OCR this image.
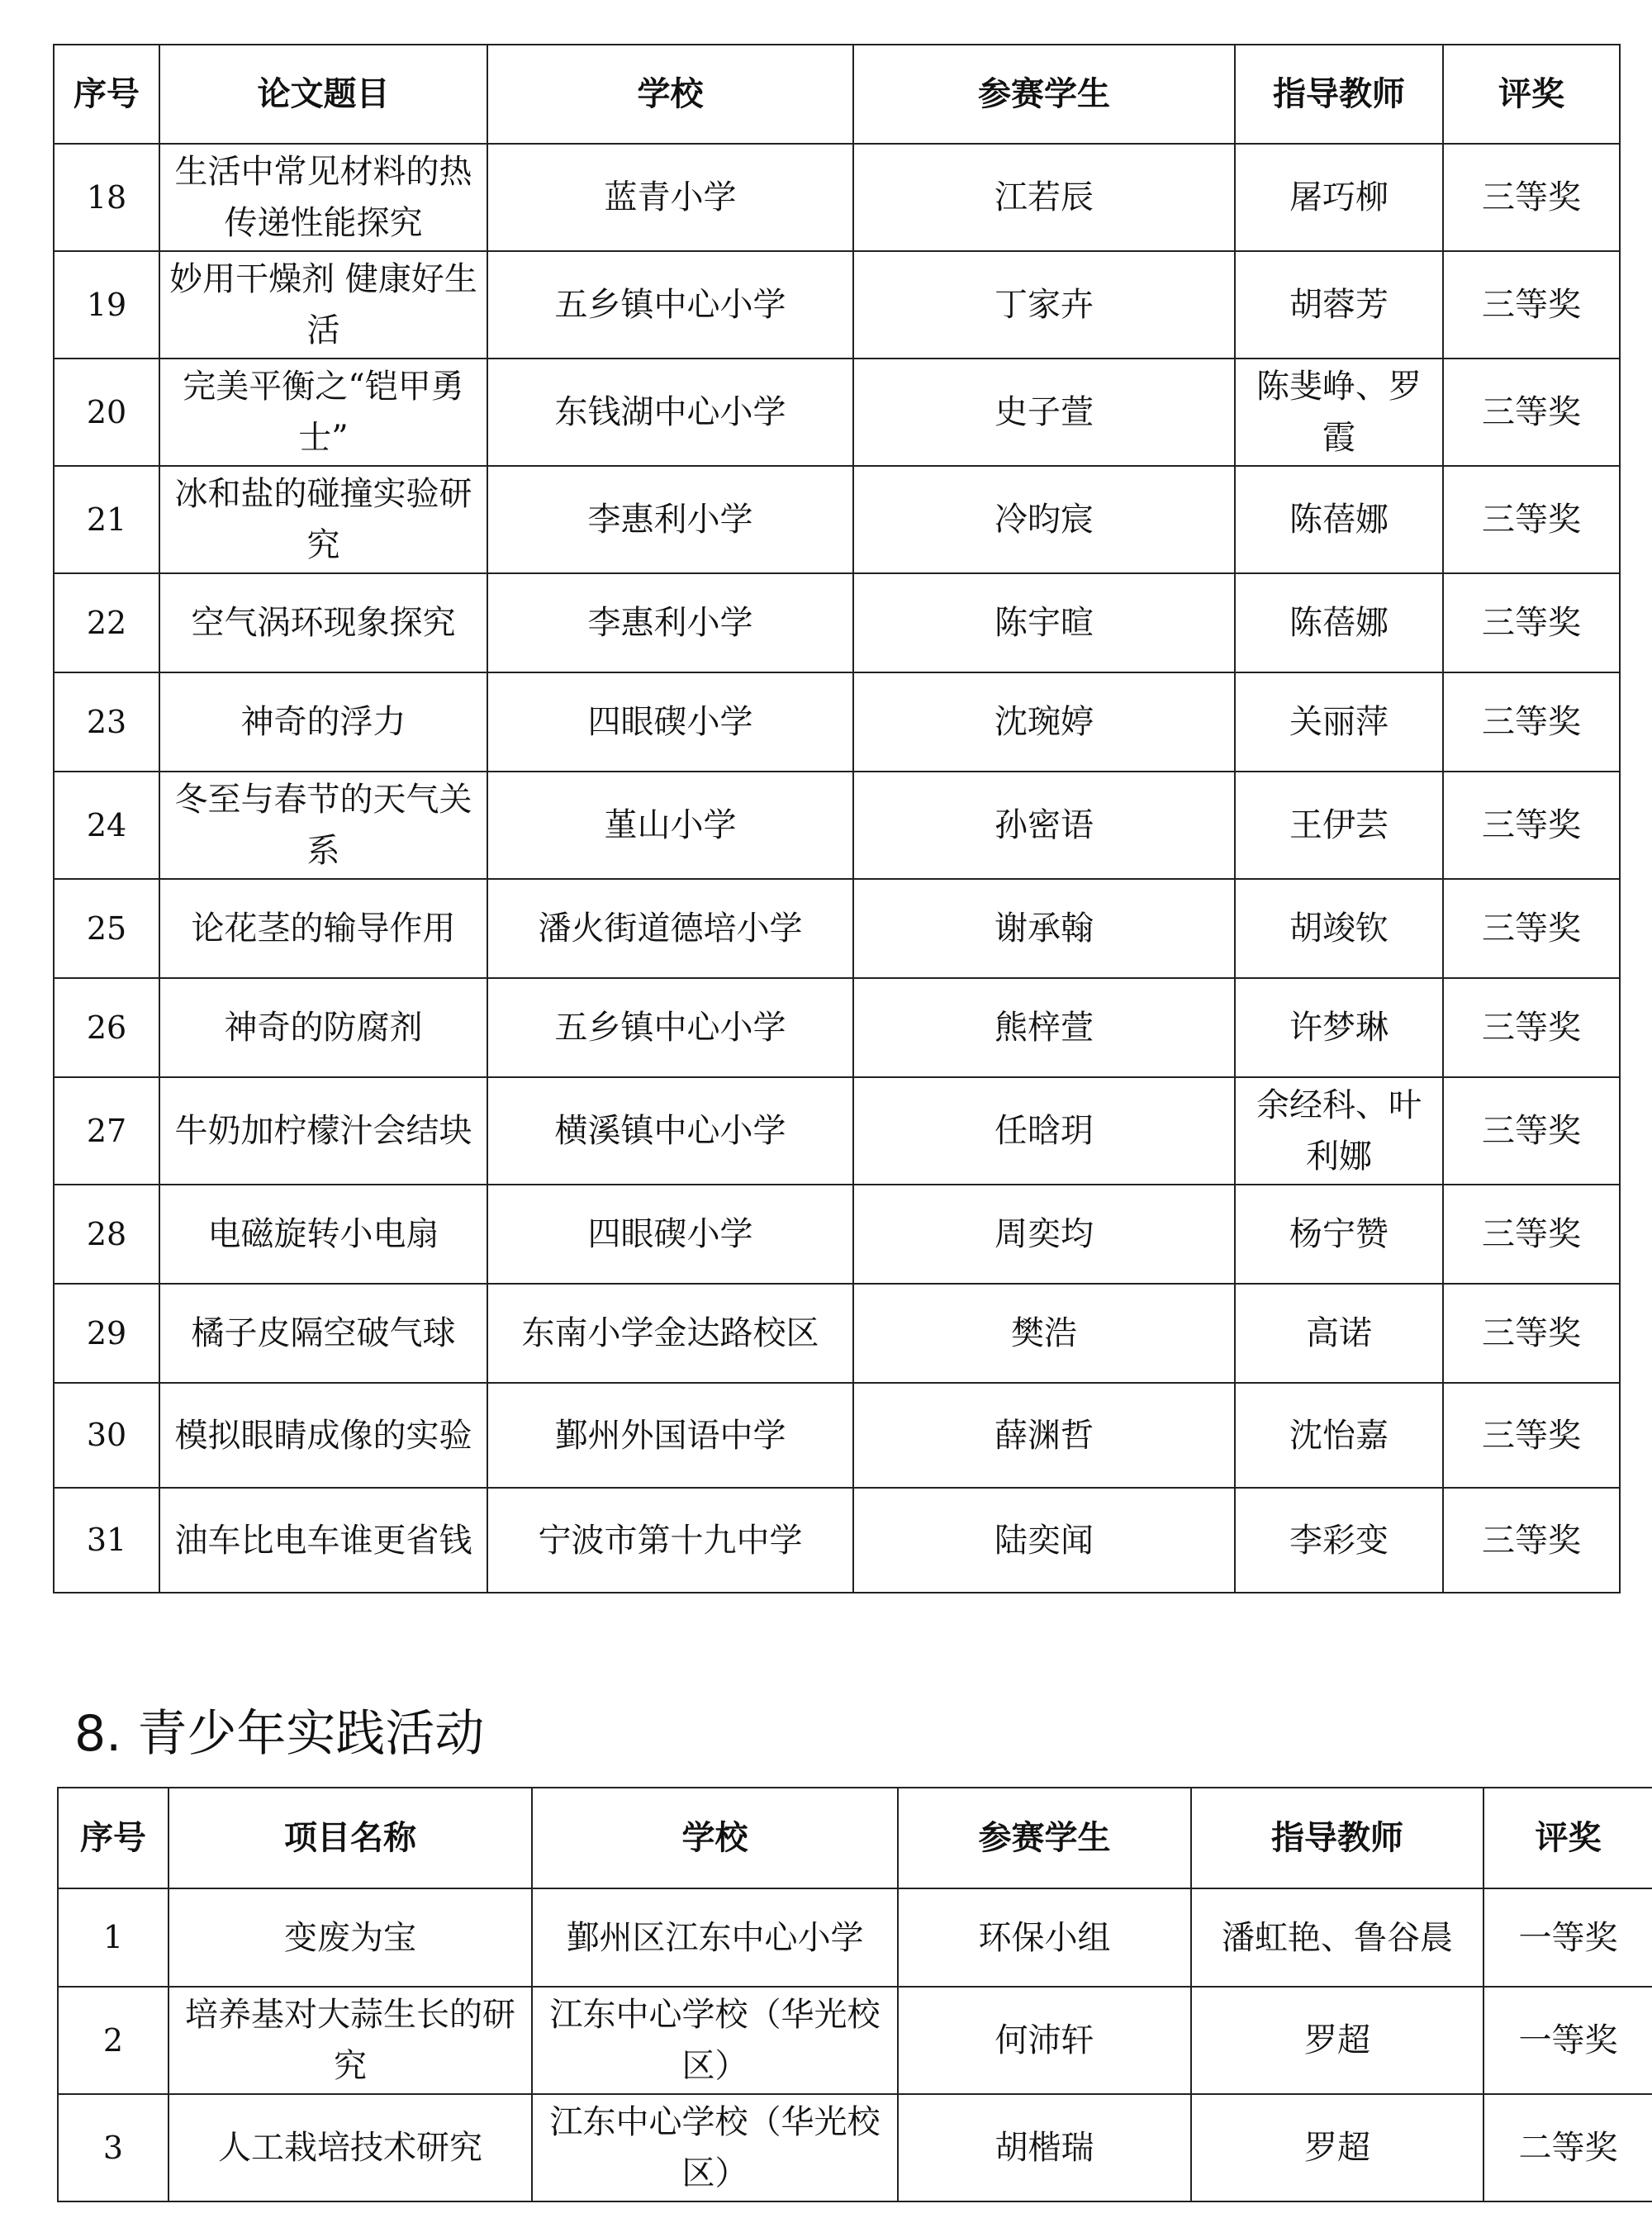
序号	论文题目	学校	参赛学生	指导教师	评奖
18	生活中常见材料的热传递性能探究	蓝青小学	江若辰	屠巧柳	三等奖
19	妙用干燥剂 健康好生活	五乡镇中心小学	丁家卉	胡蓉芳	三等奖
20	完美平衡之“铠甲勇士”	东钱湖中心小学	史子萱	陈斐峥、罗霞	三等奖
21	冰和盐的碰撞实验研究	李惠利小学	冷昀宸	陈蓓娜	三等奖
22	空气涡环现象探究	李惠利小学	陈宇暄	陈蓓娜	三等奖
23	神奇的浮力	四眼碶小学	沈琬婷	关丽萍	三等奖
24	冬至与春节的天气关系	堇山小学	孙密语	王伊芸	三等奖
25	论花茎的输导作用	潘火街道德培小学	谢承翰	胡竣钦	三等奖
26	神奇的防腐剂	五乡镇中心小学	熊梓萱	许梦琳	三等奖
27	牛奶加柠檬汁会结块	横溪镇中心小学	任晗玥	余经科、叶利娜	三等奖
28	电磁旋转小电扇	四眼碶小学	周奕均	杨宁赞	三等奖
29	橘子皮隔空破气球	东南小学金达路校区	樊浩	高诺	三等奖
30	模拟眼睛成像的实验	鄞州外国语中学	薛渊哲	沈怡嘉	三等奖
31	油车比电车谁更省钱	宁波市第十九中学	陆奕闻	李彩变	三等奖
8. 青少年实践活动
序号	项目名称	学校	参赛学生	指导教师	评奖
1	变废为宝	鄞州区江东中心小学	环保小组	潘虹艳、鲁谷晨	一等奖
2	培养基对大蒜生长的研究	江东中心学校（华光校区）	何沛轩	罗超	一等奖
3	人工栽培技术研究	江东中心学校（华光校区）	胡楷瑞	罗超	二等奖
